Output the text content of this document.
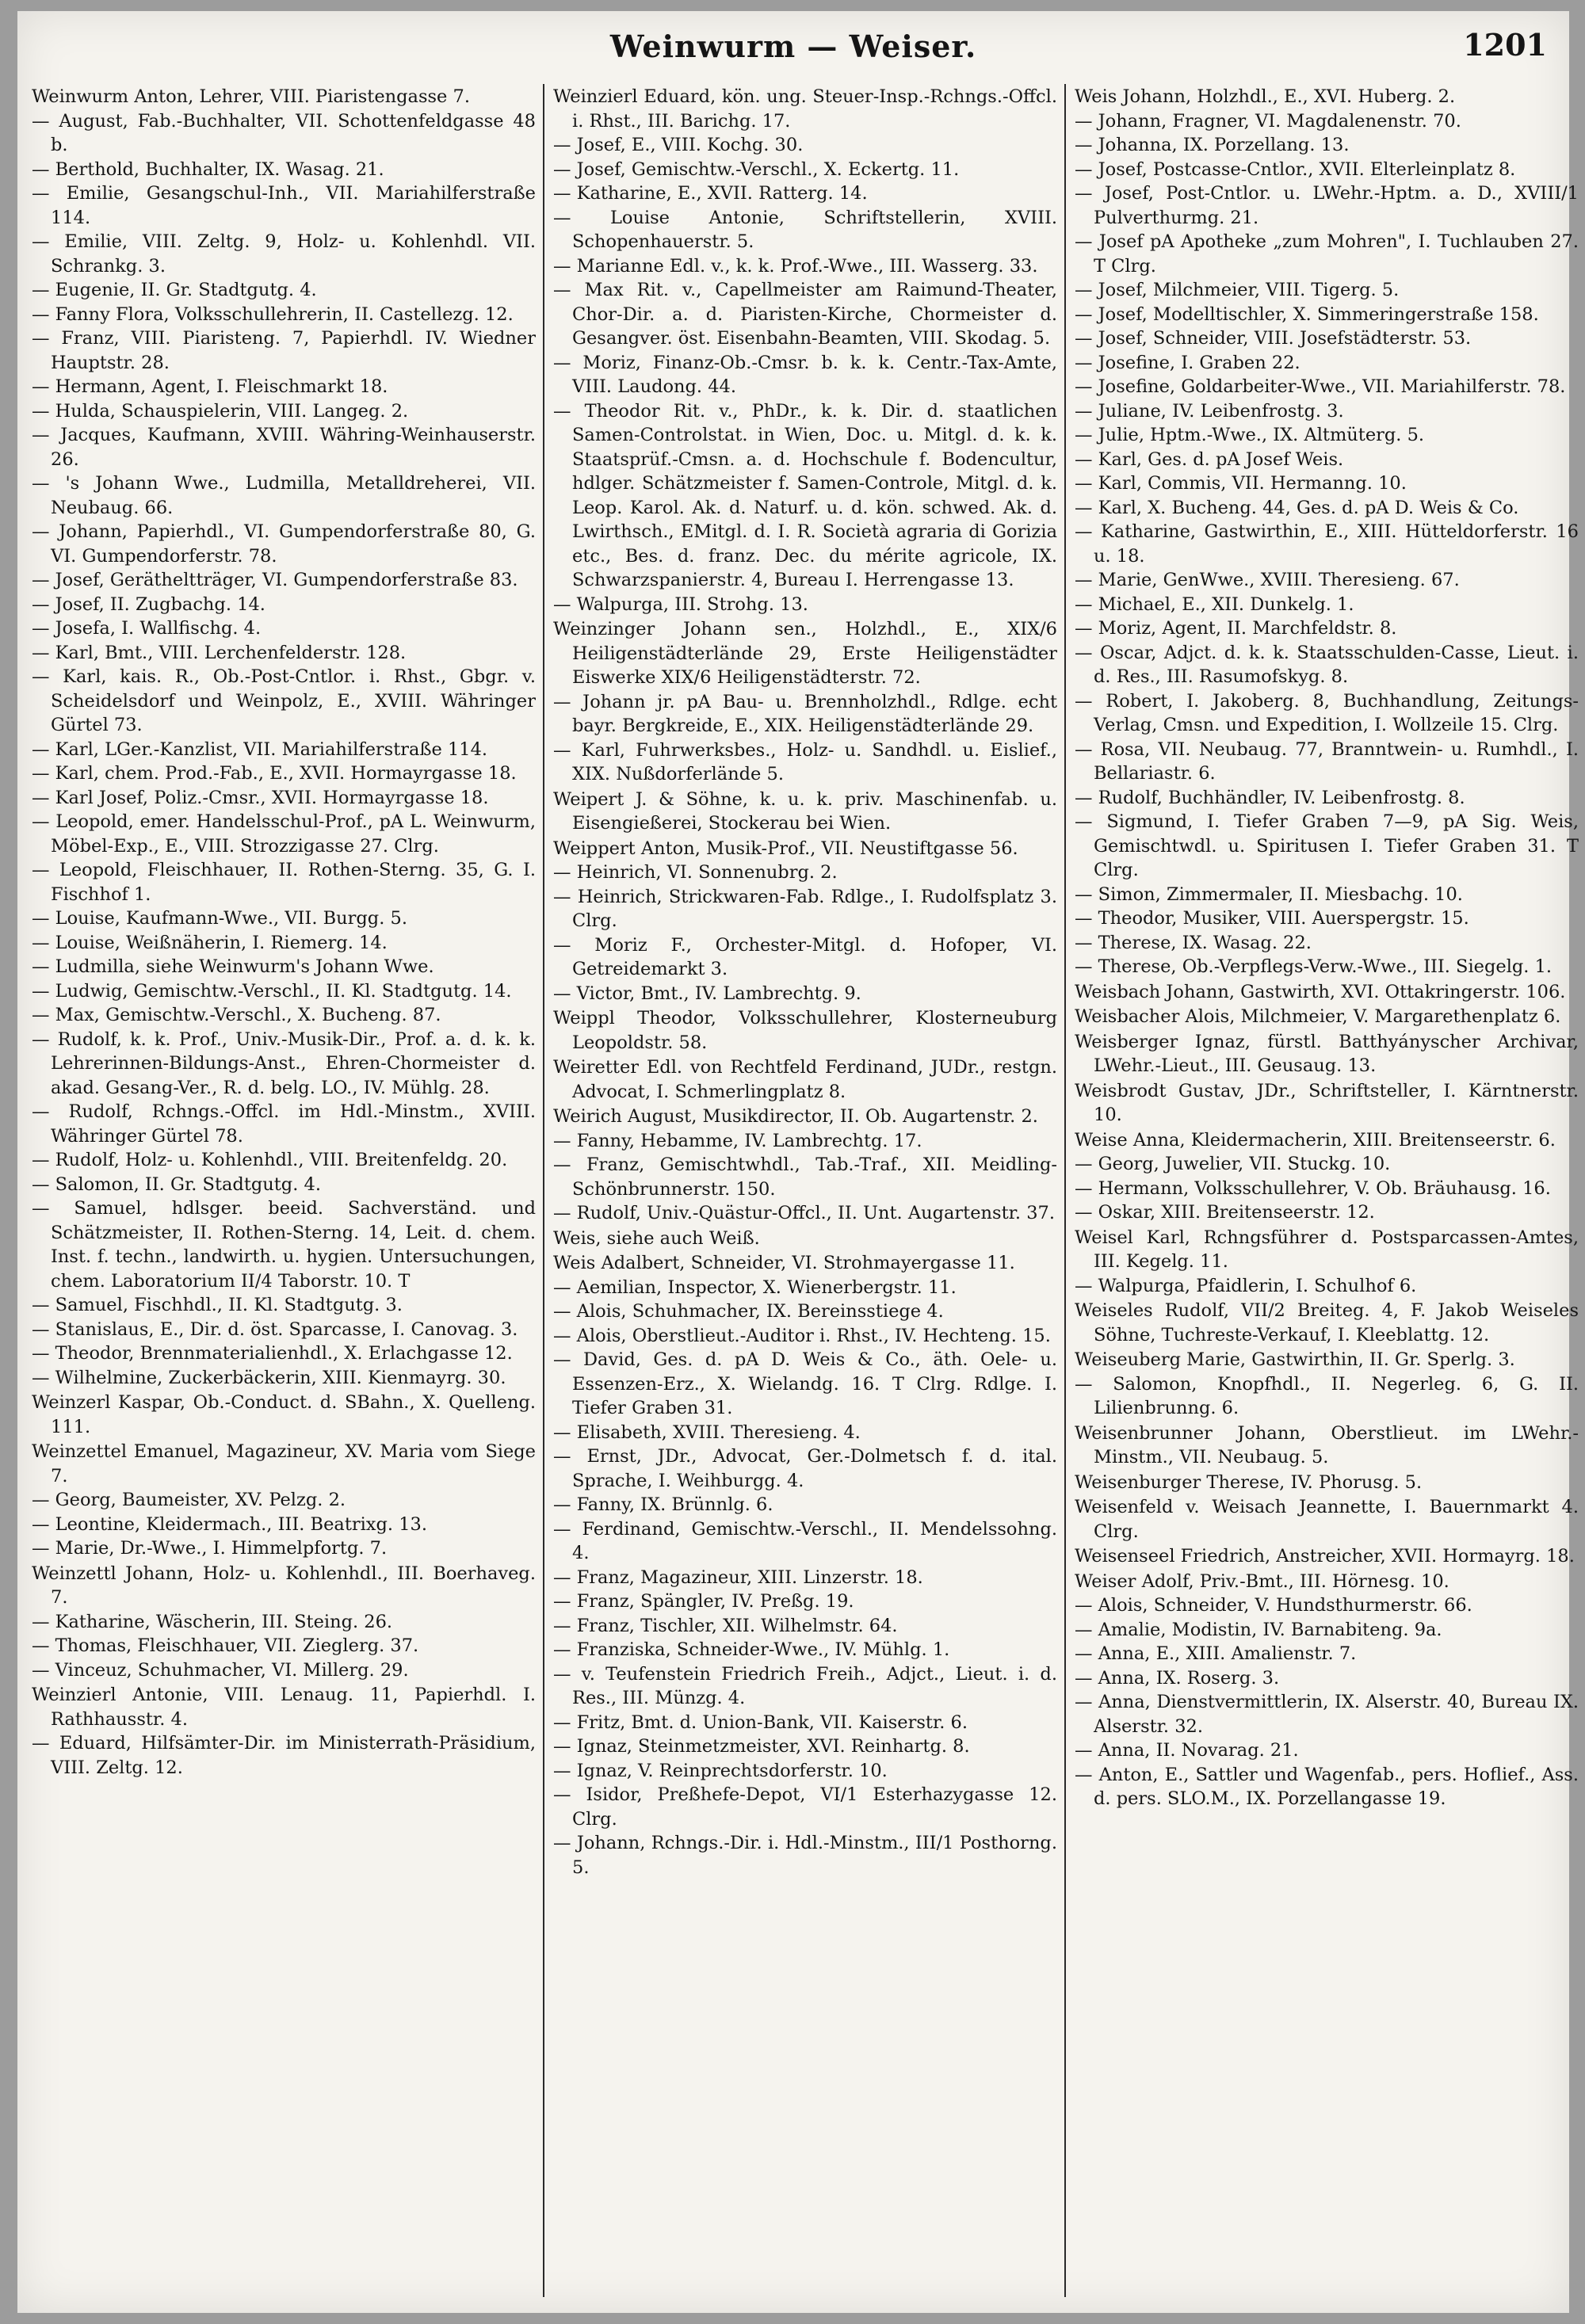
Weinwurm — Weiser.	1201

Weinwurm Anton, Lehrer, VIII. Piaristengasse 7.

— August, Fab.-Buchhalter, VII. Schottenfeldgasse 48 b.

— Berthold, Buchhalter, IX. Wasag. 21.

— Emilie, Gesangschul-Inh., VII. Mariahilferstraße 114.

— Emilie, VIII. Zeltg. 9, Holz- u. Kohlenhdl. VII. Schrankg. 3.

— Eugenie, II. Gr. Stadtgutg. 4.

— Fanny Flora, Volksschullehrerin, II. Castellezg. 12.

— Franz, VIII. Piaristeng. 7, Papierhdl. IV. Wiedner Hauptstr. 28.

— Hermann, Agent, I. Fleischmarkt 18.

— Hulda, Schauspielerin, VIII. Langeg. 2.

— Jacques, Kaufmann, XVIII. Währing-Weinhauserstr. 26.

— 's Johann Wwe., Ludmilla, Metalldreherei, VII. Neubaug. 66.

— Johann, Papierhdl., VI. Gumpendorferstraße 80, G. VI. Gumpendorferstr. 78.

— Josef, Gerätheltträger, VI. Gumpendorferstraße 83.

— Josef, II. Zugbachg. 14.

— Josefa, I. Wallfischg. 4.

— Karl, Bmt., VIII. Lerchenfelderstr. 128.

— Karl, kais. R., Ob.-Post-Cntlor. i. Rhst., Gbgr. v. Scheidelsdorf und Weinpolz, E., XVIII. Währinger Gürtel 73.

— Karl, LGer.-Kanzlist, VII. Mariahilferstraße 114.

— Karl, chem. Prod.-Fab., E., XVII. Hormayrgasse 18.

— Karl Josef, Poliz.-Cmsr., XVII. Hormayrgasse 18.

— Leopold, emer. Handelsschul-Prof., pA L. Weinwurm, Möbel-Exp., E., VIII. Strozzigasse 27. Clrg.

— Leopold, Fleischhauer, II. Rothen-Sterng. 35, G. I. Fischhof 1.

— Louise, Kaufmann-Wwe., VII. Burgg. 5.

— Louise, Weißnäherin, I. Riemerg. 14.

— Ludmilla, siehe Weinwurm's Johann Wwe.

— Ludwig, Gemischtw.-Verschl., II. Kl. Stadtgutg. 14.

— Max, Gemischtw.-Verschl., X. Bucheng. 87.

— Rudolf, k. k. Prof., Univ.-Musik-Dir., Prof. a. d. k. k. Lehrerinnen-Bildungs-Anst., Ehren-Chormeister d. akad. Gesang-Ver., R. d. belg. LO., IV. Mühlg. 28.

— Rudolf, Rchngs.-Offcl. im Hdl.-Minstm., XVIII. Währinger Gürtel 78.

— Rudolf, Holz- u. Kohlenhdl., VIII. Breitenfeldg. 20.

— Salomon, II. Gr. Stadtgutg. 4.

— Samuel, hdlsger. beeid. Sachverständ. und Schätzmeister, II. Rothen-Sterng. 14, Leit. d. chem. Inst. f. techn., landwirth. u. hygien. Untersuchungen, chem. Laboratorium II/4 Taborstr. 10. T

— Samuel, Fischhdl., II. Kl. Stadtgutg. 3.

— Stanislaus, E., Dir. d. öst. Sparcasse, I. Canovag. 3.

— Theodor, Brennmaterialienhdl., X. Erlachgasse 12.

— Wilhelmine, Zuckerbäckerin, XIII. Kienmayrg. 30.

Weinzerl Kaspar, Ob.-Conduct. d. SBahn., X. Quelleng. 111.

Weinzettel Emanuel, Magazineur, XV. Maria vom Siege 7.

— Georg, Baumeister, XV. Pelzg. 2.

— Leontine, Kleidermach., III. Beatrixg. 13.

— Marie, Dr.-Wwe., I. Himmelpfortg. 7.

Weinzettl Johann, Holz- u. Kohlenhdl., III. Boerhaveg. 7.

— Katharine, Wäscherin, III. Steing. 26.

— Thomas, Fleischhauer, VII. Zieglerg. 37.

— Vinceuz, Schuhmacher, VI. Millerg. 29.

Weinzierl Antonie, VIII. Lenaug. 11, Papierhdl. I. Rathhausstr. 4.

— Eduard, Hilfsämter-Dir. im Ministerrath-Präsidium, VIII. Zeltg. 12.

Weinzierl Eduard, kön. ung. Steuer-Insp.-Rchngs.-Offcl. i. Rhst., III. Barichg. 17.

— Josef, E., VIII. Kochg. 30.

— Josef, Gemischtw.-Verschl., X. Eckertg. 11.

— Katharine, E., XVII. Ratterg. 14.

— Louise Antonie, Schriftstellerin, XVIII. Schopenhauerstr. 5.

— Marianne Edl. v., k. k. Prof.-Wwe., III. Wasserg. 33.

— Max Rit. v., Capellmeister am Raimund-Theater, Chor-Dir. a. d. Piaristen-Kirche, Chormeister d. Gesangver. öst. Eisenbahn-Beamten, VIII. Skodag. 5.

— Moriz, Finanz-Ob.-Cmsr. b. k. k. Centr.-Tax-Amte, VIII. Laudong. 44.

— Theodor Rit. v., PhDr., k. k. Dir. d. staatlichen Samen-Controlstat. in Wien, Doc. u. Mitgl. d. k. k. Staatsprüf.-Cmsn. a. d. Hochschule f. Bodencultur, hdlger. Schätzmeister f. Samen-Controle, Mitgl. d. k. Leop. Karol. Ak. d. Naturf. u. d. kön. schwed. Ak. d. Lwirthsch., EMitgl. d. I. R. Società agraria di Gorizia etc., Bes. d. franz. Dec. du mérite agricole, IX. Schwarzspanierstr. 4, Bureau I. Herrengasse 13.

— Walpurga, III. Strohg. 13.

Weinzinger Johann sen., Holzhdl., E., XIX/6 Heiligenstädterlände 29, Erste Heiligenstädter Eiswerke XIX/6 Heiligenstädterstr. 72.

— Johann jr. pA Bau- u. Brennholzhdl., Rdlge. echt bayr. Bergkreide, E., XIX. Heiligenstädterlände 29.

— Karl, Fuhrwerksbes., Holz- u. Sandhdl. u. Eislief., XIX. Nußdorferlände 5.

Weipert J. & Söhne, k. u. k. priv. Maschinenfab. u. Eisengießerei, Stockerau bei Wien.

Weippert Anton, Musik-Prof., VII. Neustiftgasse 56.

— Heinrich, VI. Sonnenubrg. 2.

— Heinrich, Strickwaren-Fab. Rdlge., I. Rudolfsplatz 3. Clrg.

— Moriz F., Orchester-Mitgl. d. Hofoper, VI. Getreidemarkt 3.

— Victor, Bmt., IV. Lambrechtg. 9.

Weippl Theodor, Volksschullehrer, Klosterneuburg Leopoldstr. 58.

Weiretter Edl. von Rechtfeld Ferdinand, JUDr., restgn. Advocat, I. Schmerlingplatz 8.

Weirich August, Musikdirector, II. Ob. Augartenstr. 2.

— Fanny, Hebamme, IV. Lambrechtg. 17.

— Franz, Gemischtwhdl., Tab.-Traf., XII. Meidling-Schönbrunnerstr. 150.

— Rudolf, Univ.-Quästur-Offcl., II. Unt. Augartenstr. 37.

Weis, siehe auch Weiß.

Weis Adalbert, Schneider, VI. Strohmayergasse 11.

— Aemilian, Inspector, X. Wienerbergstr. 11.

— Alois, Schuhmacher, IX. Bereinsstiege 4.

— Alois, Oberstlieut.-Auditor i. Rhst., IV. Hechteng. 15.

— David, Ges. d. pA D. Weis & Co., äth. Oele- u. Essenzen-Erz., X. Wielandg. 16. T Clrg. Rdlge. I. Tiefer Graben 31.

— Elisabeth, XVIII. Theresieng. 4.

— Ernst, JDr., Advocat, Ger.-Dolmetsch f. d. ital. Sprache, I. Weihburgg. 4.

— Fanny, IX. Brünnlg. 6.

— Ferdinand, Gemischtw.-Verschl., II. Mendelssohng. 4.

— Franz, Magazineur, XIII. Linzerstr. 18.

— Franz, Spängler, IV. Preßg. 19.

— Franz, Tischler, XII. Wilhelmstr. 64.

— Franziska, Schneider-Wwe., IV. Mühlg. 1.

— v. Teufenstein Friedrich Freih., Adjct., Lieut. i. d. Res., III. Münzg. 4.

— Fritz, Bmt. d. Union-Bank, VII. Kaiserstr. 6.

— Ignaz, Steinmetzmeister, XVI. Reinhartg. 8.

— Ignaz, V. Reinprechtsdorferstr. 10.

— Isidor, Preßhefe-Depot, VI/1 Esterhazygasse 12. Clrg.

— Johann, Rchngs.-Dir. i. Hdl.-Minstm., III/1 Posthorng. 5.

Weis Johann, Holzhdl., E., XVI. Huberg. 2.

— Johann, Fragner, VI. Magdalenenstr. 70.

— Johanna, IX. Porzellang. 13.

— Josef, Postcasse-Cntlor., XVII. Elterleinplatz 8.

— Josef, Post-Cntlor. u. LWehr.-Hptm. a. D., XVIII/1 Pulverthurmg. 21.

— Josef pA Apotheke „zum Mohren", I. Tuchlauben 27. T Clrg.

— Josef, Milchmeier, VIII. Tigerg. 5.

— Josef, Modelltischler, X. Simmeringerstraße 158.

— Josef, Schneider, VIII. Josefstädterstr. 53.

— Josefine, I. Graben 22.

— Josefine, Goldarbeiter-Wwe., VII. Mariahilferstr. 78.

— Juliane, IV. Leibenfrostg. 3.

— Julie, Hptm.-Wwe., IX. Altmüterg. 5.

— Karl, Ges. d. pA Josef Weis.

— Karl, Commis, VII. Hermanng. 10.

— Karl, X. Bucheng. 44, Ges. d. pA D. Weis & Co.

— Katharine, Gastwirthin, E., XIII. Hütteldorferstr. 16 u. 18.

— Marie, GenWwe., XVIII. Theresieng. 67.

— Michael, E., XII. Dunkelg. 1.

— Moriz, Agent, II. Marchfeldstr. 8.

— Oscar, Adjct. d. k. k. Staatsschulden-Casse, Lieut. i. d. Res., III. Rasumofskyg. 8.

— Robert, I. Jakoberg. 8, Buchhandlung, Zeitungs-Verlag, Cmsn. und Expedition, I. Wollzeile 15. Clrg.

— Rosa, VII. Neubaug. 77, Branntwein- u. Rumhdl., I. Bellariastr. 6.

— Rudolf, Buchhändler, IV. Leibenfrostg. 8.

— Sigmund, I. Tiefer Graben 7—9, pA Sig. Weis, Gemischtwdl. u. Spiritusen I. Tiefer Graben 31. T Clrg.

— Simon, Zimmermaler, II. Miesbachg. 10.

— Theodor, Musiker, VIII. Auerspergstr. 15.

— Therese, IX. Wasag. 22.

— Therese, Ob.-Verpflegs-Verw.-Wwe., III. Siegelg. 1.

Weisbach Johann, Gastwirth, XVI. Ottakringerstr. 106.

Weisbacher Alois, Milchmeier, V. Margarethenplatz 6.

Weisberger Ignaz, fürstl. Batthyányscher Archivar, LWehr.-Lieut., III. Geusaug. 13.

Weisbrodt Gustav, JDr., Schriftsteller, I. Kärntnerstr. 10.

Weise Anna, Kleidermacherin, XIII. Breitenseerstr. 6.

— Georg, Juwelier, VII. Stuckg. 10.

— Hermann, Volksschullehrer, V. Ob. Bräuhausg. 16.

— Oskar, XIII. Breitenseerstr. 12.

Weisel Karl, Rchngsführer d. Postsparcassen-Amtes, III. Kegelg. 11.

— Walpurga, Pfaidlerin, I. Schulhof 6.

Weiseles Rudolf, VII/2 Breiteg. 4, F. Jakob Weiseles Söhne, Tuchreste-Verkauf, I. Kleeblattg. 12.

Weiseuberg Marie, Gastwirthin, II. Gr. Sperlg. 3.

— Salomon, Knopfhdl., II. Negerleg. 6, G. II. Lilienbrunng. 6.

Weisenbrunner Johann, Oberstlieut. im LWehr.-Minstm., VII. Neubaug. 5.

Weisenburger Therese, IV. Phorusg. 5.

Weisenfeld v. Weisach Jeannette, I. Bauernmarkt 4. Clrg.

Weisenseel Friedrich, Anstreicher, XVII. Hormayrg. 18.

Weiser Adolf, Priv.-Bmt., III. Hörnesg. 10.

— Alois, Schneider, V. Hundsthurmerstr. 66.

— Amalie, Modistin, IV. Barnabiteng. 9a.

— Anna, E., XIII. Amalienstr. 7.

— Anna, IX. Roserg. 3.

— Anna, Dienstvermittlerin, IX. Alserstr. 40, Bureau IX. Alserstr. 32.

— Anna, II. Novarag. 21.

— Anton, E., Sattler und Wagenfab., pers. Hoflief., Ass. d. pers. SLO.M., IX. Porzellangasse 19.
